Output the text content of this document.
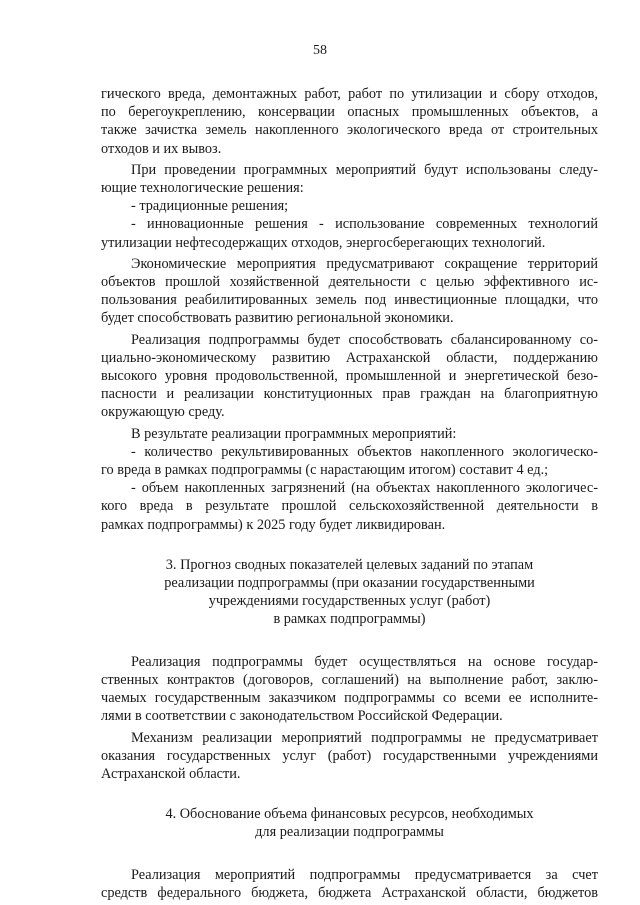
58

гического вреда, демонтажных работ, работ по утилизации и сбору отходов,

по берегоукреплению, консервации опасных промышленных объектов, а

также зачистка земель накопленного экологического вреда от строительных

отходов и их вывоз.

При проведении программных мероприятий будут использованы следу-

ющие технологические решения:

- традиционные решения;

- инновационные решения - использование современных технологий

утилизации нефтесодержащих отходов, энергосберегающих технологий.

Экономические мероприятия предусматривают сокращение территорий

объектов прошлой хозяйственной деятельности с целью эффективного ис-

пользования реабилитированных земель под инвестиционные площадки, что

будет способствовать развитию региональной экономики.

Реализация подпрограммы будет способствовать сбалансированному со-

циально-экономическому развитию Астраханской области, поддержанию

высокого уровня продовольственной, промышленной и энергетической безо-

пасности и реализации конституционных прав граждан на благоприятную

окружающую среду.

В результате реализации программных мероприятий:

- количество рекультивированных объектов накопленного экологическо-

го вреда в рамках подпрограммы (с нарастающим итогом) составит 4 ед.;

- объем накопленных загрязнений (на объектах накопленного экологичес-

кого вреда в результате прошлой сельскохозяйственной деятельности в

рамках подпрограммы) к 2025 году будет ликвидирован.

3. Прогноз сводных показателей целевых заданий по этапам
реализации подпрограммы (при оказании государственными
учреждениями государственных услуг (работ)
в рамках подпрограммы)

Реализация подпрограммы будет осуществляться на основе государ-

ственных контрактов (договоров, соглашений) на выполнение работ, заклю-

чаемых государственным заказчиком подпрограммы со всеми ее исполните-

лями в соответствии с законодательством Российской Федерации.

Механизм реализации мероприятий подпрограммы не предусматривает

оказания государственных услуг (работ) государственными учреждениями

Астраханской области.

4. Обоснование объема финансовых ресурсов, необходимых
для реализации подпрограммы

Реализация мероприятий подпрограммы предусматривается за счет

средств федерального бюджета, бюджета Астраханской области, бюджетов
